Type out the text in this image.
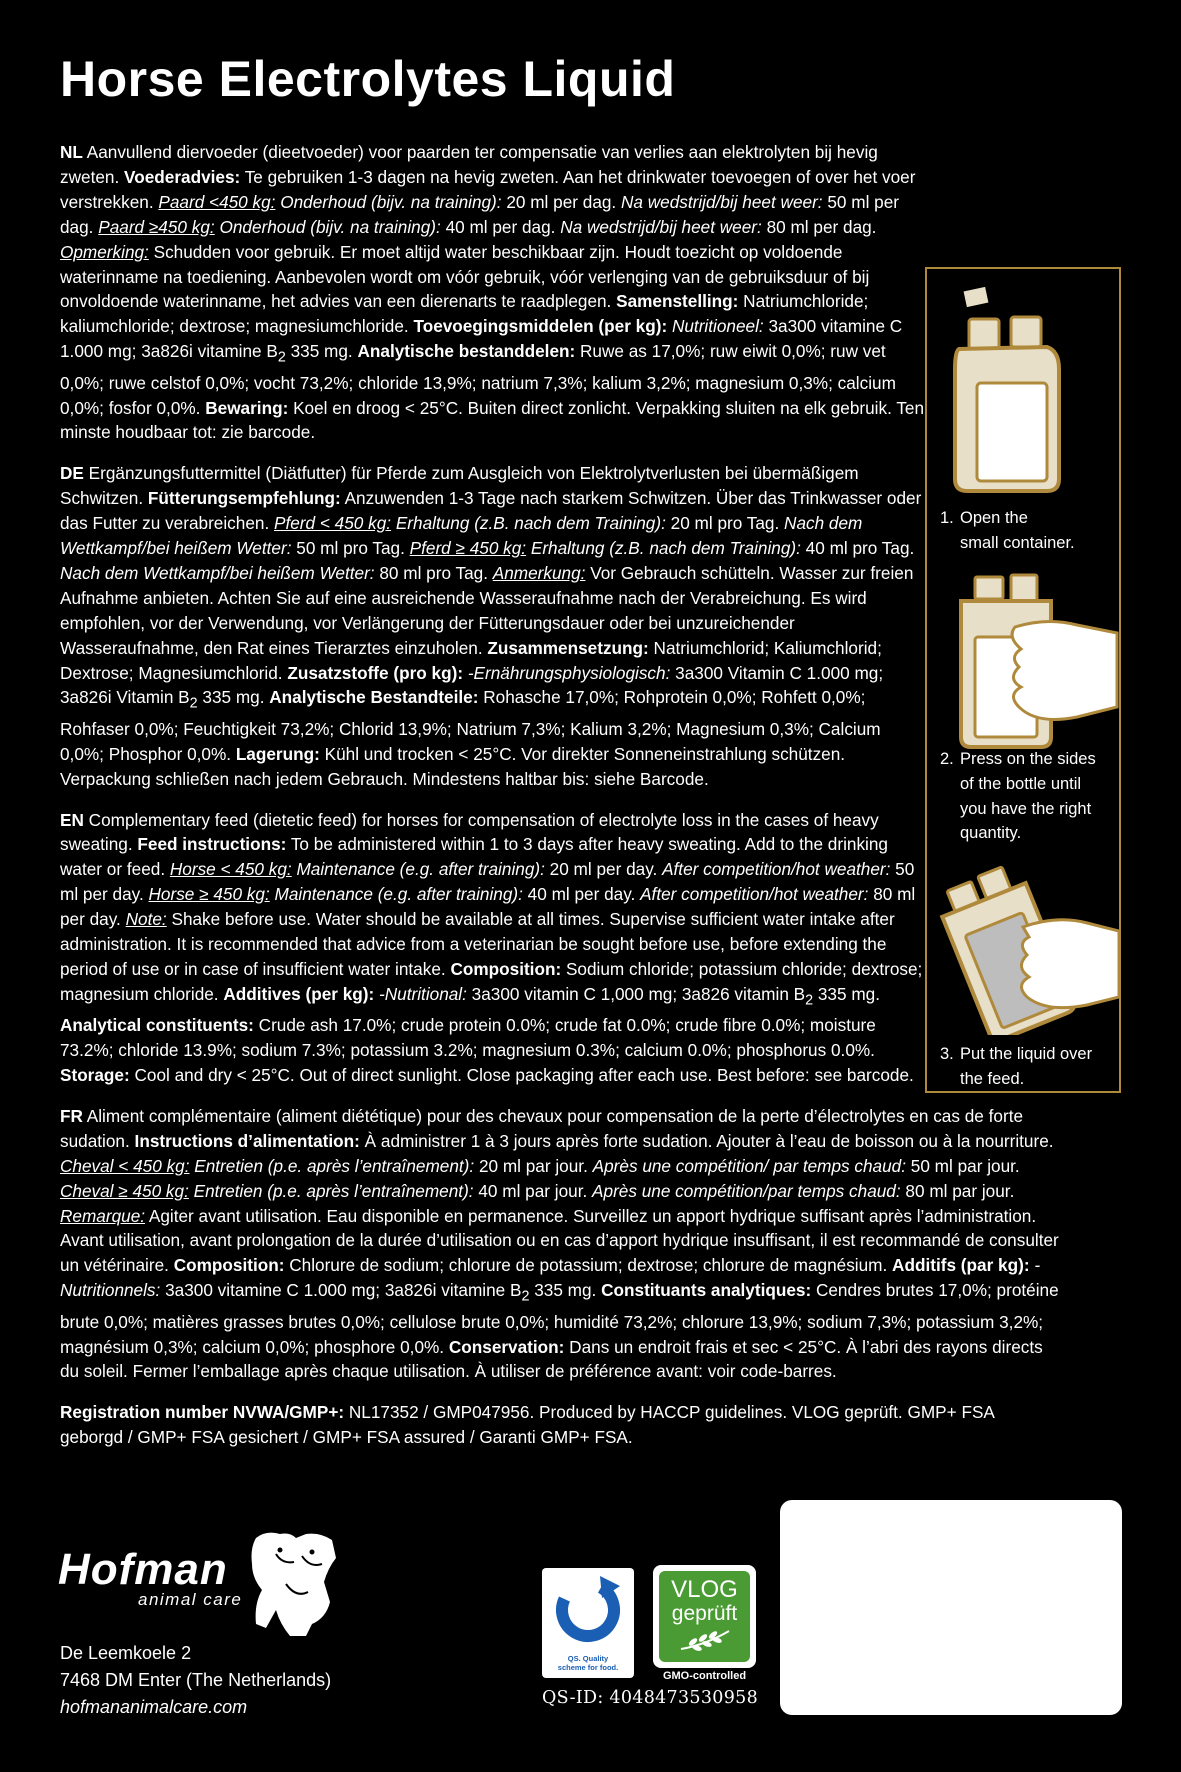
Horse Electrolytes Liquid

NL Aanvullend diervoeder (dieetvoeder) voor paarden ter compensatie van verlies aan elektrolyten bij hevig zweten. Voederadvies: Te gebruiken 1-3 dagen na hevig zweten. Aan het drinkwater toevoegen of over het voer verstrekken. Paard <450 kg: Onderhoud (bijv. na training): 20 ml per dag. Na wedstrijd/bij heet weer: 50 ml per dag. Paard ≥450 kg: Onderhoud (bijv. na training): 40 ml per dag. Na wedstrijd/bij heet weer: 80 ml per dag. Opmerking: Schudden voor gebruik. Er moet altijd water beschikbaar zijn. Houdt toezicht op voldoende waterinname na toediening. Aanbevolen wordt om vóór gebruik, vóór verlenging van de gebruiksduur of bij onvoldoende waterinname, het advies van een dierenarts te raadplegen. Samenstelling: Natriumchloride; kaliumchloride; dextrose; magnesiumchloride. Toevoegingsmiddelen (per kg): Nutritioneel: 3a300 vitamine C 1.000 mg; 3a826i vitamine $B_2$ 335 mg. Analytische bestanddelen: Ruwe as 17,0%; ruw eiwit 0,0%; ruw vet 0,0%; ruwe celstof 0,0%; vocht 73,2%; chloride 13,9%; natrium 7,3%; kalium 3,2%; magnesium 0,3%; calcium 0,0%; fosfor 0,0%. Bewaring: Koel en droog < 25°C. Buiten direct zonlicht. Verpakking sluiten na elk gebruik. Ten minste houdbaar tot: zie barcode.

DE Ergänzungsfuttermittel (Diätfutter) für Pferde zum Ausgleich von Elektrolytverlusten bei übermäßigem Schwitzen. Fütterungsempfehlung: Anzuwenden 1-3 Tage nach starkem Schwitzen. Über das Trinkwasser oder das Futter zu verabreichen. Pferd < 450 kg: Erhaltung (z.B. nach dem Training): 20 ml pro Tag. Nach dem Wettkampf/bei heißem Wetter: 50 ml pro Tag. Pferd ≥ 450 kg: Erhaltung (z.B. nach dem Training): 40 ml pro Tag. Nach dem Wettkampf/bei heißem Wetter: 80 ml pro Tag. Anmerkung: Vor Gebrauch schütteln. Wasser zur freien Aufnahme anbieten. Achten Sie auf eine ausreichende Wasseraufnahme nach der Verabreichung. Es wird empfohlen, vor der Verwendung, vor Verlängerung der Fütterungsdauer oder bei unzureichender Wasseraufnahme, den Rat eines Tierarztes einzuholen. Zusammensetzung: Natriumchlorid; Kaliumchlorid; Dextrose; Magnesiumchlorid. Zusatzstoffe (pro kg): -Ernährungsphysiologisch: 3a300 Vitamin C 1.000 mg; 3a826i Vitamin $B_2$ 335 mg. Analytische Bestandteile: Rohasche 17,0%; Rohprotein 0,0%; Rohfett 0,0%; Rohfaser 0,0%; Feuchtigkeit 73,2%; Chlorid 13,9%; Natrium 7,3%; Kalium 3,2%; Magnesium 0,3%; Calcium 0,0%; Phosphor 0,0%. Lagerung: Kühl und trocken < 25°C. Vor direkter Sonneneinstrahlung schützen. Verpackung schließen nach jedem Gebrauch. Mindestens haltbar bis: siehe Barcode.

EN Complementary feed (dietetic feed) for horses for compensation of electrolyte loss in the cases of heavy sweating. Feed instructions: To be administered within 1 to 3 days after heavy sweating. Add to the drinking water or feed. Horse < 450 kg: Maintenance (e.g. after training): 20 ml per day. After competition/hot weather: 50 ml per day. Horse ≥ 450 kg: Maintenance (e.g. after training): 40 ml per day. After competition/hot weather: 80 ml per day. Note: Shake before use. Water should be available at all times. Supervise sufficient water intake after administration. It is recommended that advice from a veterinarian be sought before use, before extending the period of use or in case of insufficient water intake. Composition: Sodium chloride; potassium chloride; dextrose; magnesium chloride. Additives (per kg): -Nutritional: 3a300 vitamin C 1,000 mg; 3a826 vitamin $B_2$ 335 mg. Analytical constituents: Crude ash 17.0%; crude protein 0.0%; crude fat 0.0%; crude fibre 0.0%; moisture 73.2%; chloride 13.9%; sodium 7.3%; potassium 3.2%; magnesium 0.3%; calcium 0.0%; phosphorus 0.0%. Storage: Cool and dry < 25°C. Out of direct sunlight. Close packaging after each use. Best before: see barcode.

FR Aliment complémentaire (aliment diététique) pour des chevaux pour compensation de la perte d’électrolytes en cas de forte sudation. Instructions d’alimentation: À administrer 1 à 3 jours après forte sudation. Ajouter à l’eau de boisson ou à la nourriture. Cheval < 450 kg: Entretien (p.e. après l’entraînement): 20 ml par jour. Après une compétition/ par temps chaud: 50 ml par jour. Cheval ≥ 450 kg: Entretien (p.e. après l’entraînement): 40 ml par jour. Après une compétition/par temps chaud: 80 ml par jour. Remarque: Agiter avant utilisation. Eau disponible en permanence. Surveillez un apport hydrique suffisant après l’administration. Avant utilisation, avant prolongation de la durée d’utilisation ou en cas d’apport hydrique insuffisant, il est recommandé de consulter un vétérinaire. Composition: Chlorure de sodium; chlorure de potassium; dextrose; chlorure de magnésium. Additifs (par kg): -Nutritionnels: 3a300 vitamine C 1.000 mg; 3a826i vitamine $B_2$ 335 mg. Constituants analytiques: Cendres brutes 17,0%; protéine brute 0,0%; matières grasses brutes 0,0%; cellulose brute 0,0%; humidité 73,2%; chlorure 13,9%; sodium 7,3%; potassium 3,2%; magnésium 0,3%; calcium 0,0%; phosphore 0,0%. Conservation: Dans un endroit frais et sec < 25°C. À l’abri des rayons directs du soleil. Fermer l’emballage après chaque utilisation. À utiliser de préférence avant: voir code-barres.

Registration number NVWA/GMP+: NL17352 / GMP047956. Produced by HACCP guidelines. VLOG geprüft. GMP+ FSA geborgd / GMP+ FSA gesichert / GMP+ FSA assured / Garanti GMP+ FSA.

1. Open the
small container.
2. Press on the sides
of the bottle until
you have the right
quantity.
3. Put the liquid over
the feed.
Hofman
animal care
De Leemkoele 2
7468 DM Enter (The Netherlands)
hofmananimalcare.com
QS. Quality
scheme for food.
VLOG
geprüft
GMO-controlled
QS-ID: 4048473530958
